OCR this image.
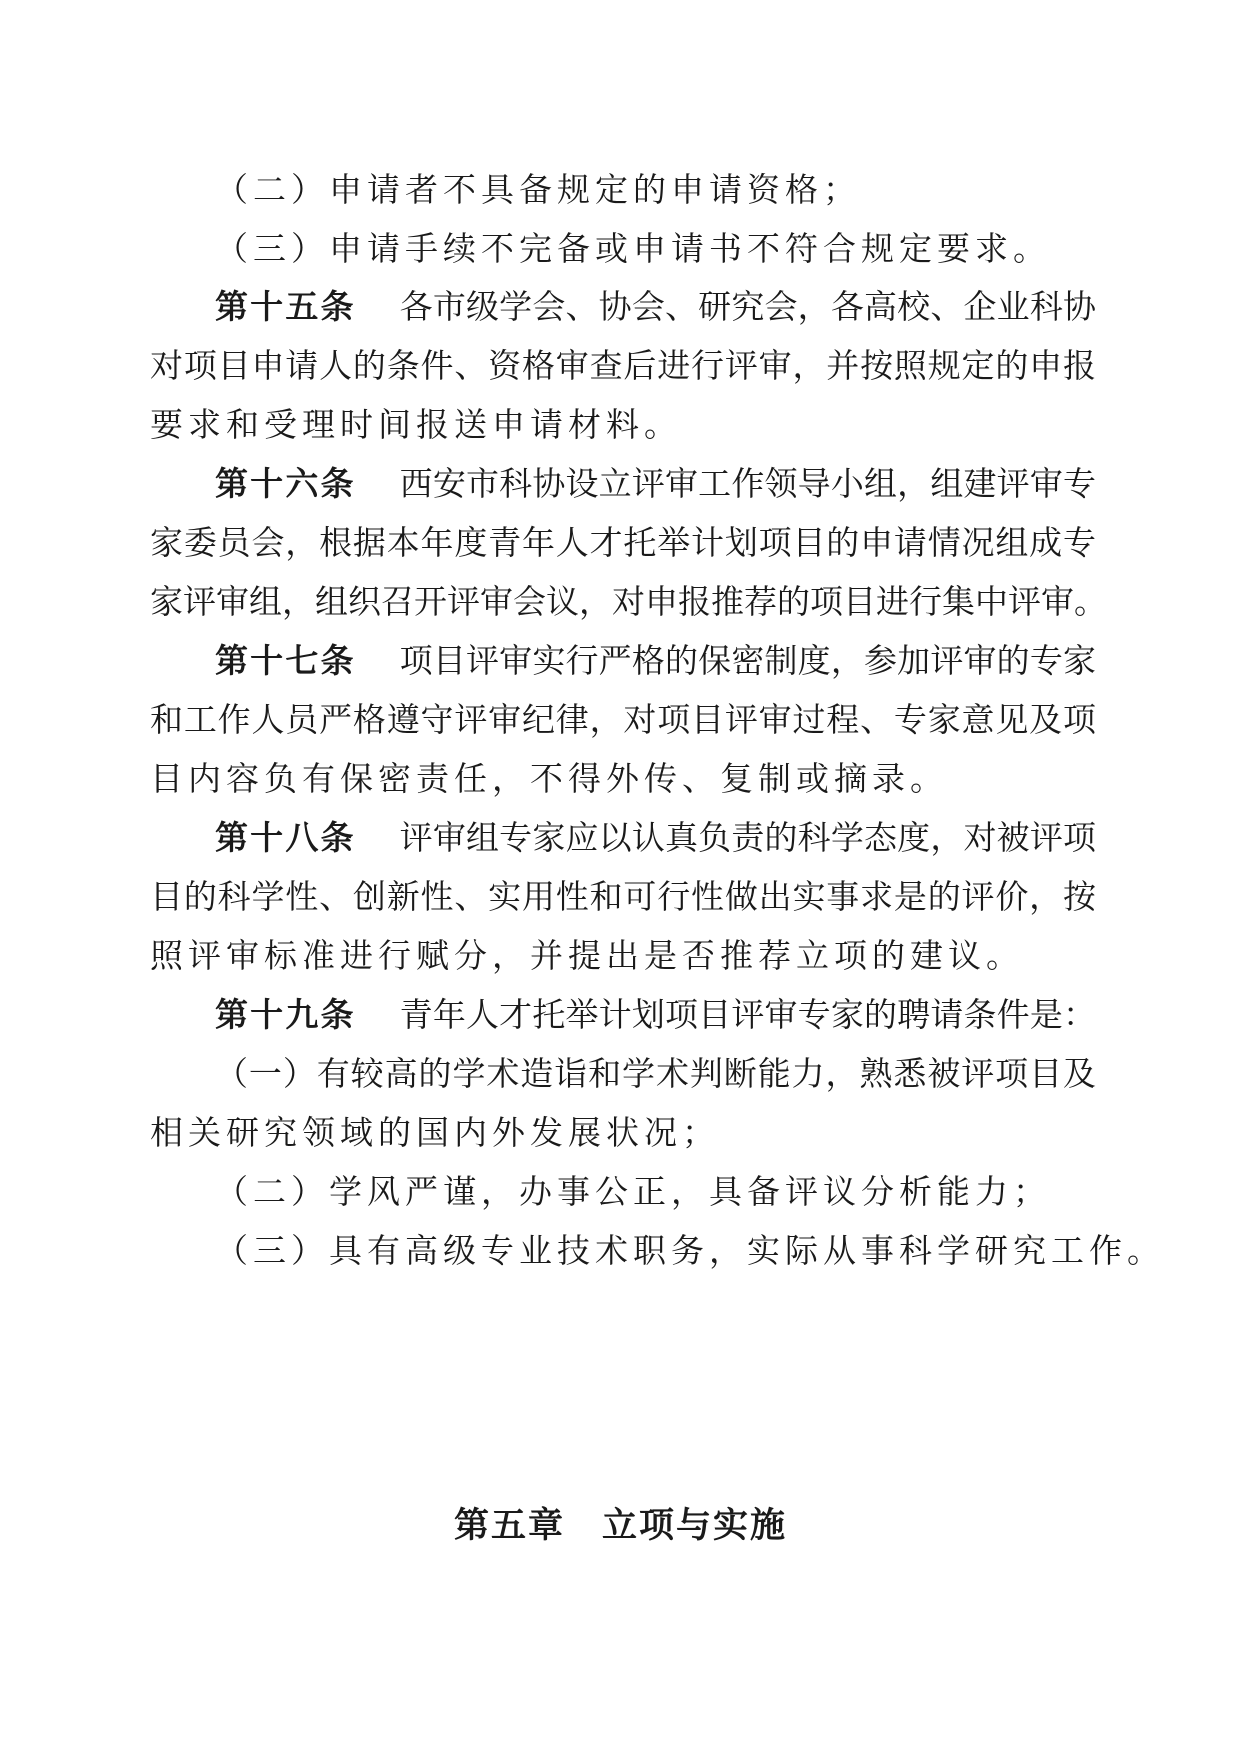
（二）申请者不具备规定的申请资格；
（三）申请手续不完备或申请书不符合规定要求。
第十五条 各市级学会、协会、研究会，各高校、企业科协
对项目申请人的条件、资格审查后进行评审，并按照规定的申报
要求和受理时间报送申请材料。
第十六条 西安市科协设立评审工作领导小组，组建评审专
家委员会，根据本年度青年人才托举计划项目的申请情况组成专
家评审组，组织召开评审会议，对申报推荐的项目进行集中评审。
第十七条 项目评审实行严格的保密制度，参加评审的专家
和工作人员严格遵守评审纪律，对项目评审过程、专家意见及项
目内容负有保密责任，不得外传、复制或摘录。
第十八条 评审组专家应以认真负责的科学态度，对被评项
目的科学性、创新性、实用性和可行性做出实事求是的评价，按
照评审标准进行赋分，并提出是否推荐立项的建议。
第十九条 青年人才托举计划项目评审专家的聘请条件是：
（一）有较高的学术造诣和学术判断能力，熟悉被评项目及
相关研究领域的国内外发展状况；
（二）学风严谨，办事公正，具备评议分析能力；
（三）具有高级专业技术职务，实际从事科学研究工作。
第五章　立项与实施
